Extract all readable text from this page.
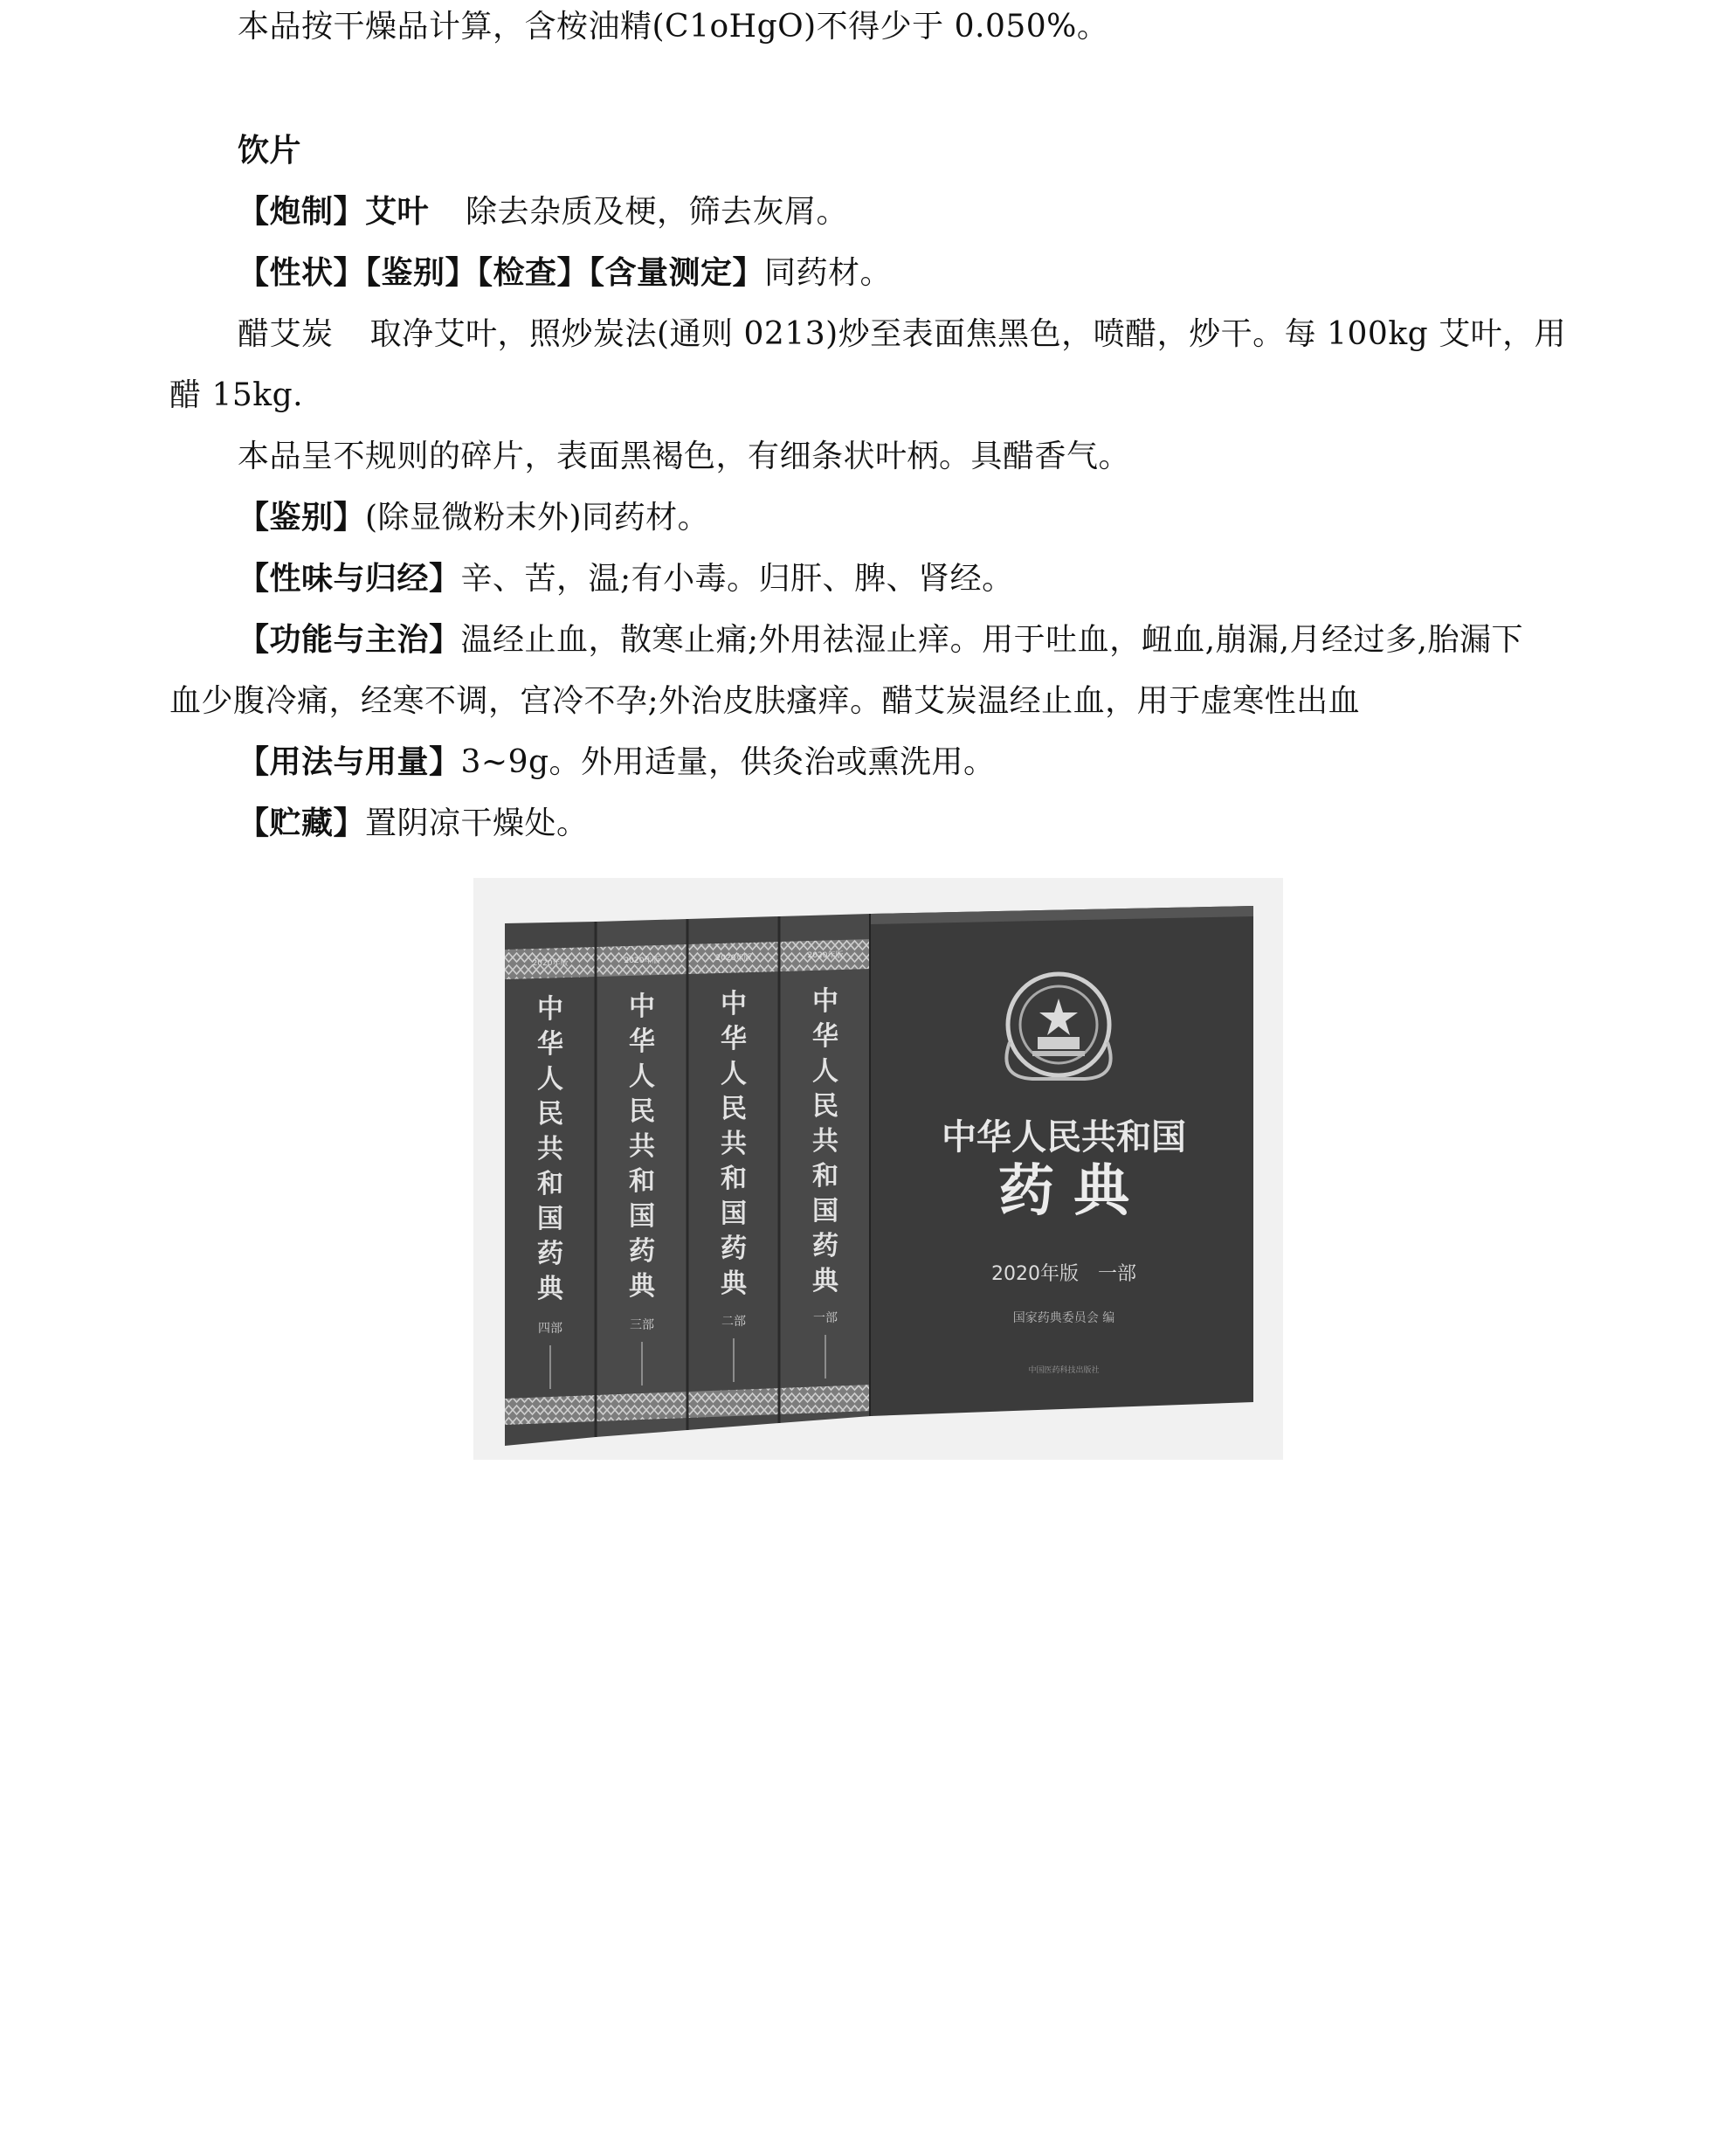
本品按干燥品计算，含桉油精(C1oHgO)不得少于 0.050%。
饮片
【炮制】艾叶 除去杂质及梗，筛去灰屑。
【性状】【鉴别】【检查】【含量测定】同药材。
醋艾炭 取净艾叶，照炒炭法(通则 0213)炒至表面焦黑色，喷醋，炒干。每 100kg 艾叶，用
醋 15kg.
本品呈不规则的碎片，表面黑褐色，有细条状叶柄。具醋香气。
【鉴别】(除显微粉末外)同药材。
【性味与归经】辛、苦，温;有小毒。归肝、脾、肾经。
【功能与主治】温经止血，散寒止痛;外用祛湿止痒。用于吐血，衄血,崩漏,月经过多,胎漏下
血少腹冷痛，经寒不调，宫冷不孕;外治皮肤瘙痒。醋艾炭温经止血，用于虚寒性出血
【用法与用量】3~9g。外用适量，供灸治或熏洗用。
【贮藏】置阴凉干燥处。
2020年版
中华人民共和国药典
四部
2020年版
中华人民共和国药典
三部
2020年版
中华人民共和国药典
二部
2020年版
中华人民共和国药典
一部
中华人民共和国
药 典
2020年版　一部
国家药典委员会 编
中国医药科技出版社
